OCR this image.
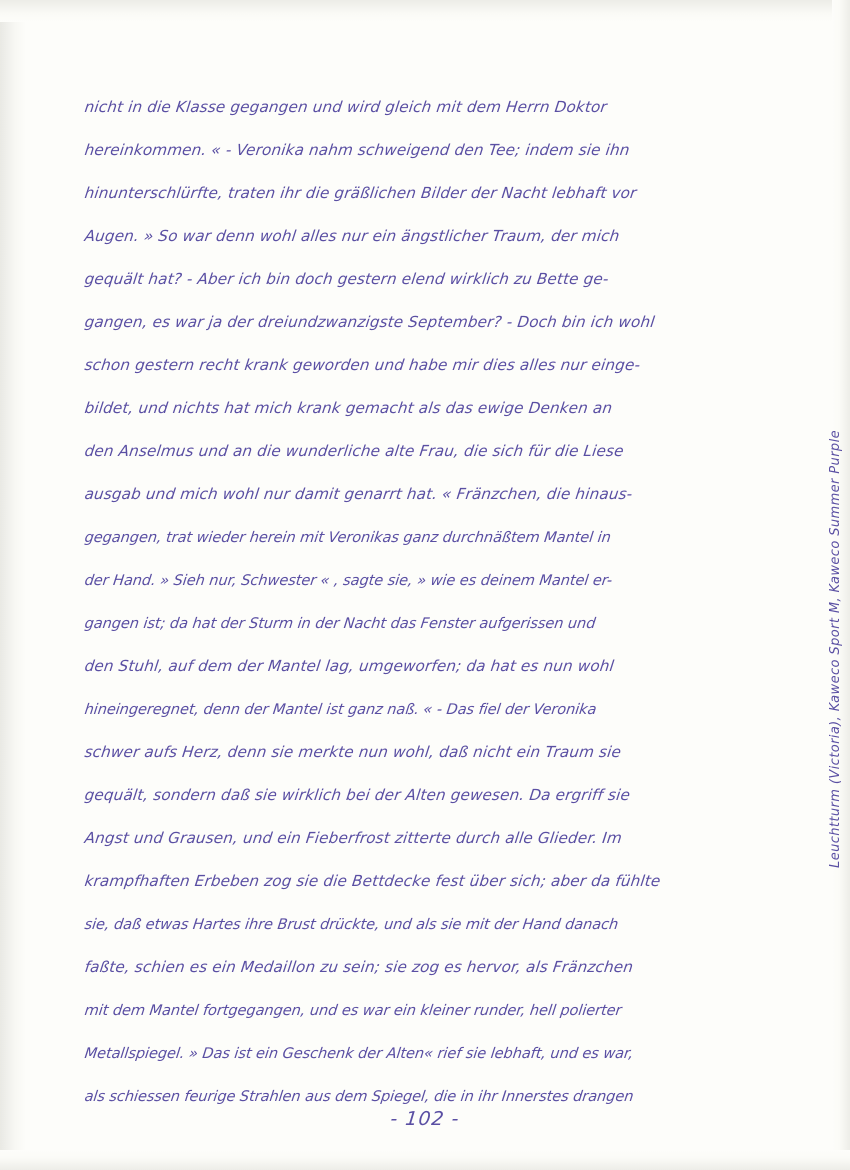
nicht in die Klasse gegangen und wird gleich mit dem Herrn Doktor
hereinkommen. « - Veronika nahm schweigend den Tee; indem sie ihn
hinunterschlürfte, traten ihr die gräßlichen Bilder der Nacht lebhaft vor
Augen. » So war denn wohl alles nur ein ängstlicher Traum, der mich
gequält hat? - Aber ich bin doch gestern elend wirklich zu Bette ge-
gangen, es war ja der dreiundzwanzigste September? - Doch bin ich wohl
schon gestern recht krank geworden und habe mir dies alles nur einge-
bildet, und nichts hat mich krank gemacht als das ewige Denken an
den Anselmus und an die wunderliche alte Frau, die sich für die Liese
ausgab und mich wohl nur damit genarrt hat. « Fränzchen, die hinaus-
gegangen, trat wieder herein mit Veronikas ganz durchnäßtem Mantel in
der Hand. » Sieh nur, Schwester « , sagte sie, » wie es deinem Mantel er-
gangen ist; da hat der Sturm in der Nacht das Fenster aufgerissen und
den Stuhl, auf dem der Mantel lag, umgeworfen; da hat es nun wohl
hineingeregnet, denn der Mantel ist ganz naß. « - Das fiel der Veronika
schwer aufs Herz, denn sie merkte nun wohl, daß nicht ein Traum sie
gequält, sondern daß sie wirklich bei der Alten gewesen. Da ergriff sie
Angst und Grausen, und ein Fieberfrost zitterte durch alle Glieder. Im
krampfhaften Erbeben zog sie die Bettdecke fest über sich; aber da fühlte
sie, daß etwas Hartes ihre Brust drückte, und als sie mit der Hand danach
faßte, schien es ein Medaillon zu sein; sie zog es hervor, als Fränzchen
mit dem Mantel fortgegangen, und es war ein kleiner runder, hell polierter
Metallspiegel. » Das ist ein Geschenk der Alten« rief sie lebhaft, und es war,
als schiessen feurige Strahlen aus dem Spiegel, die in ihr Innerstes drangen
Leuchtturm (Victoria), Kaweco Sport M, Kaweco Summer Purple
- 102 -
